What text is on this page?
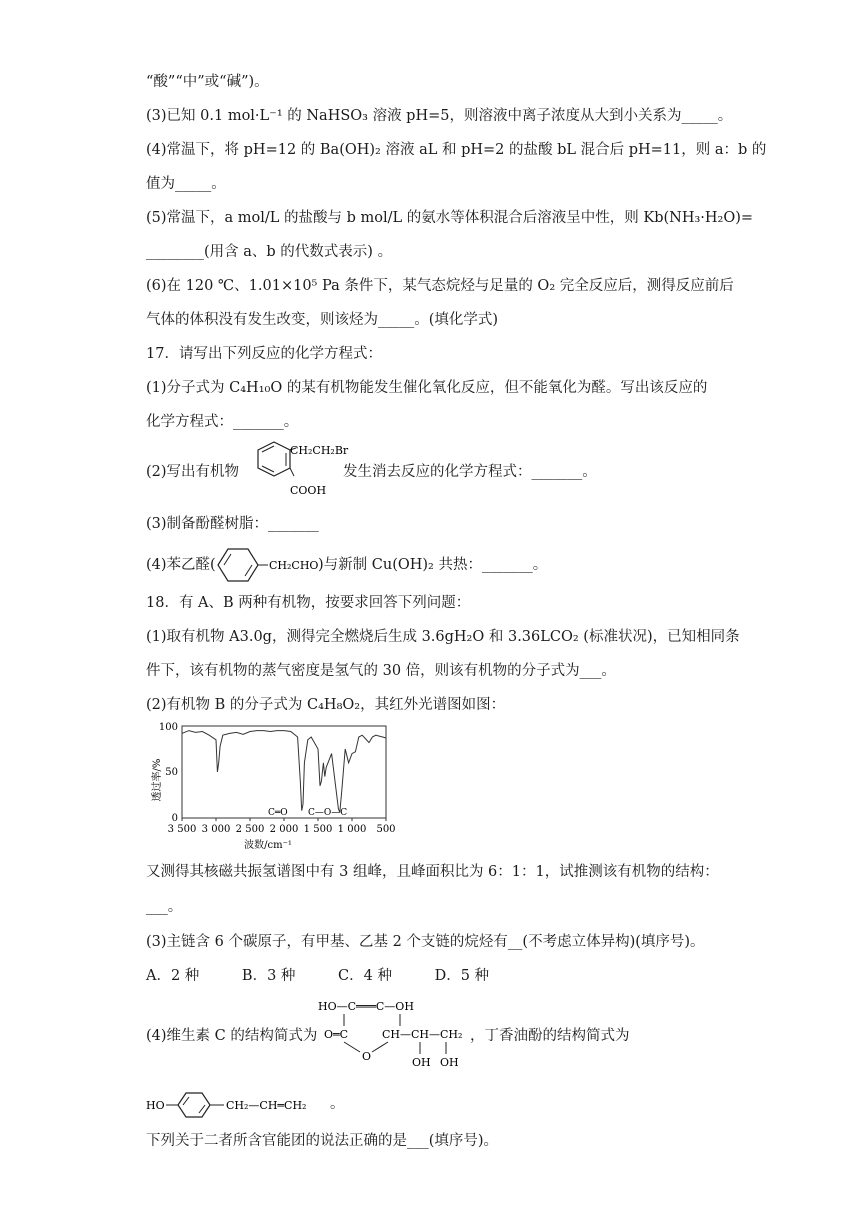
“酸”“中”或“碱”)。
(3)已知 0.1 mol·L⁻¹ 的 NaHSO₃ 溶液 pH=5，则溶液中离子浓度从大到小关系为_____。
(4)常温下，将 pH=12 的 Ba(OH)₂ 溶液 aL 和 pH=2 的盐酸 bL 混合后 pH=11，则 a：b 的
值为_____。
(5)常温下，a mol/L 的盐酸与 b mol/L 的氨水等体积混合后溶液呈中性，则 Kb(NH₃·H₂O)=
________(用含 a、b 的代数式表示) 。
(6)在 120 ℃、1.01×10⁵ Pa 条件下，某气态烷烃与足量的 O₂ 完全反应后，测得反应前后
气体的体积没有发生改变，则该烃为_____。(填化学式)
17．请写出下列反应的化学方程式：
(1)分子式为 C₄H₁₀O 的某有机物能发生催化氧化反应，但不能氧化为醛。写出该反应的
化学方程式：_______。
(2)写出有机物
CH₂CH₂Br
COOH
发生消去反应的化学方程式：_______。
(3)制备酚醛树脂：_______
(4)苯乙醛(	CH₂CHO )与新制 Cu(OH)₂ 共热：_______。
18．有 A、B 两种有机物，按要求回答下列问题：
(1)取有机物 A3.0g，测得完全燃烧后生成 3.6gH₂O 和 3.36LCO₂ (标准状况)，已知相同条
件下，该有机物的蒸气密度是氢气的 30 倍，则该有机物的分子式为___。
(2)有机物 B 的分子式为 C₄H₈O₂，其红外光谱图如图：
透过率/%
100
50
0
3 500 3 000 2 500 2 000 1 500 1 000 500
C═O C—O—C
波数/cm⁻¹
又测得其核磁共振氢谱图中有 3 组峰，且峰面积比为 6：1：1，试推测该有机物的结构：
___。
(3)主链含 6 个碳原子，有甲基、乙基 2 个支链的烷烃有__(不考虑立体异构)(填序号)。
A．2 种	B．3 种	C．4 种	D．5 种
(4)维生素 C 的结构简式为
HO—C═══C—OH
O═C	CH—CH—CH₂
O	OH OH
，丁香油酚的结构简式为
HO	CH₂—CH═CH₂ 。
下列关于二者所含官能团的说法正确的是___(填序号)。
